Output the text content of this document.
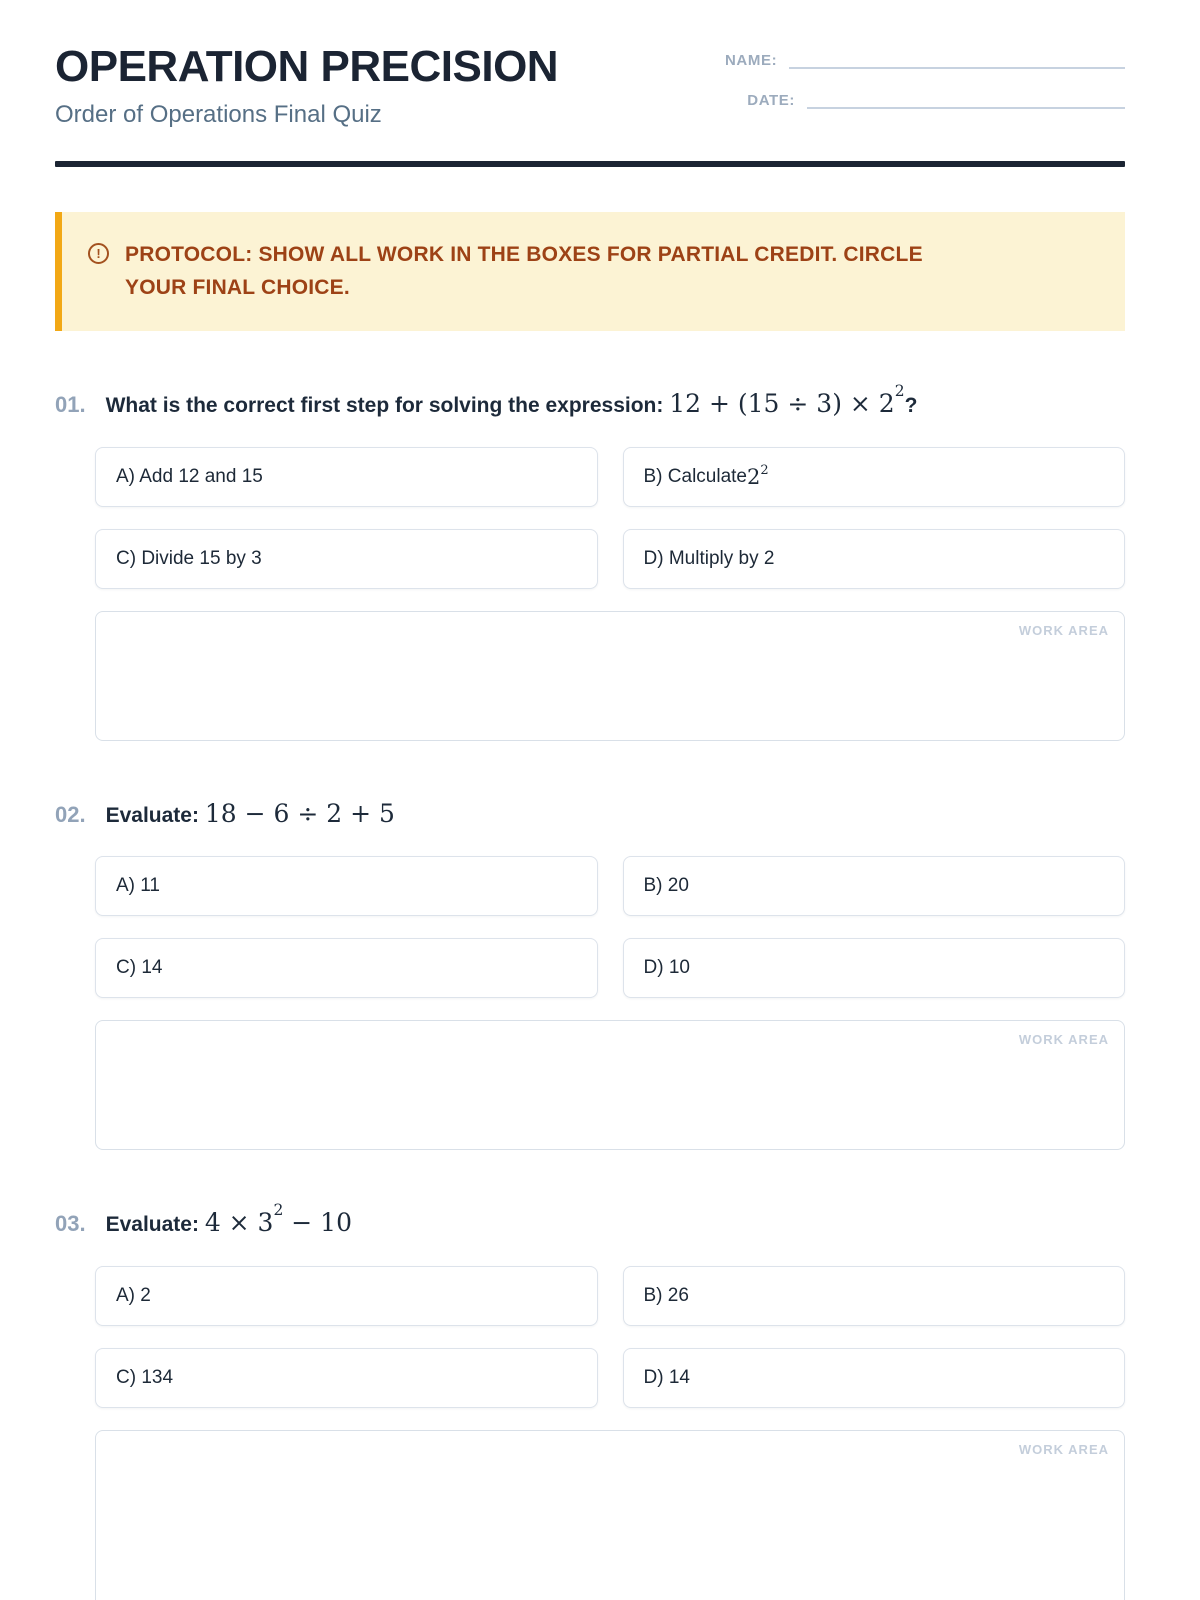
OPERATION PRECISION

Order of Operations Final Quiz

NAME:
DATE:
!	PROTOCOL: SHOW ALL WORK IN THE BOXES FOR PARTIAL CREDIT. CIRCLE YOUR FINAL CHOICE.

01. What is the correct first step for solving the expression: $12 + (15 \div 3) \times 2^2$?
A) Add 12 and 15	B) Calculate $2^2$
C) Divide 15 by 3	D) Multiply by 2
WORK AREA
02. Evaluate: 18 − 6 ÷ 2 + 5
A) 11	B) 20
C) 14	D) 10
WORK AREA
03. Evaluate: $4 \times 3^2 - 10$
A) 2	B) 26
C) 134	D) 14
WORK AREA
